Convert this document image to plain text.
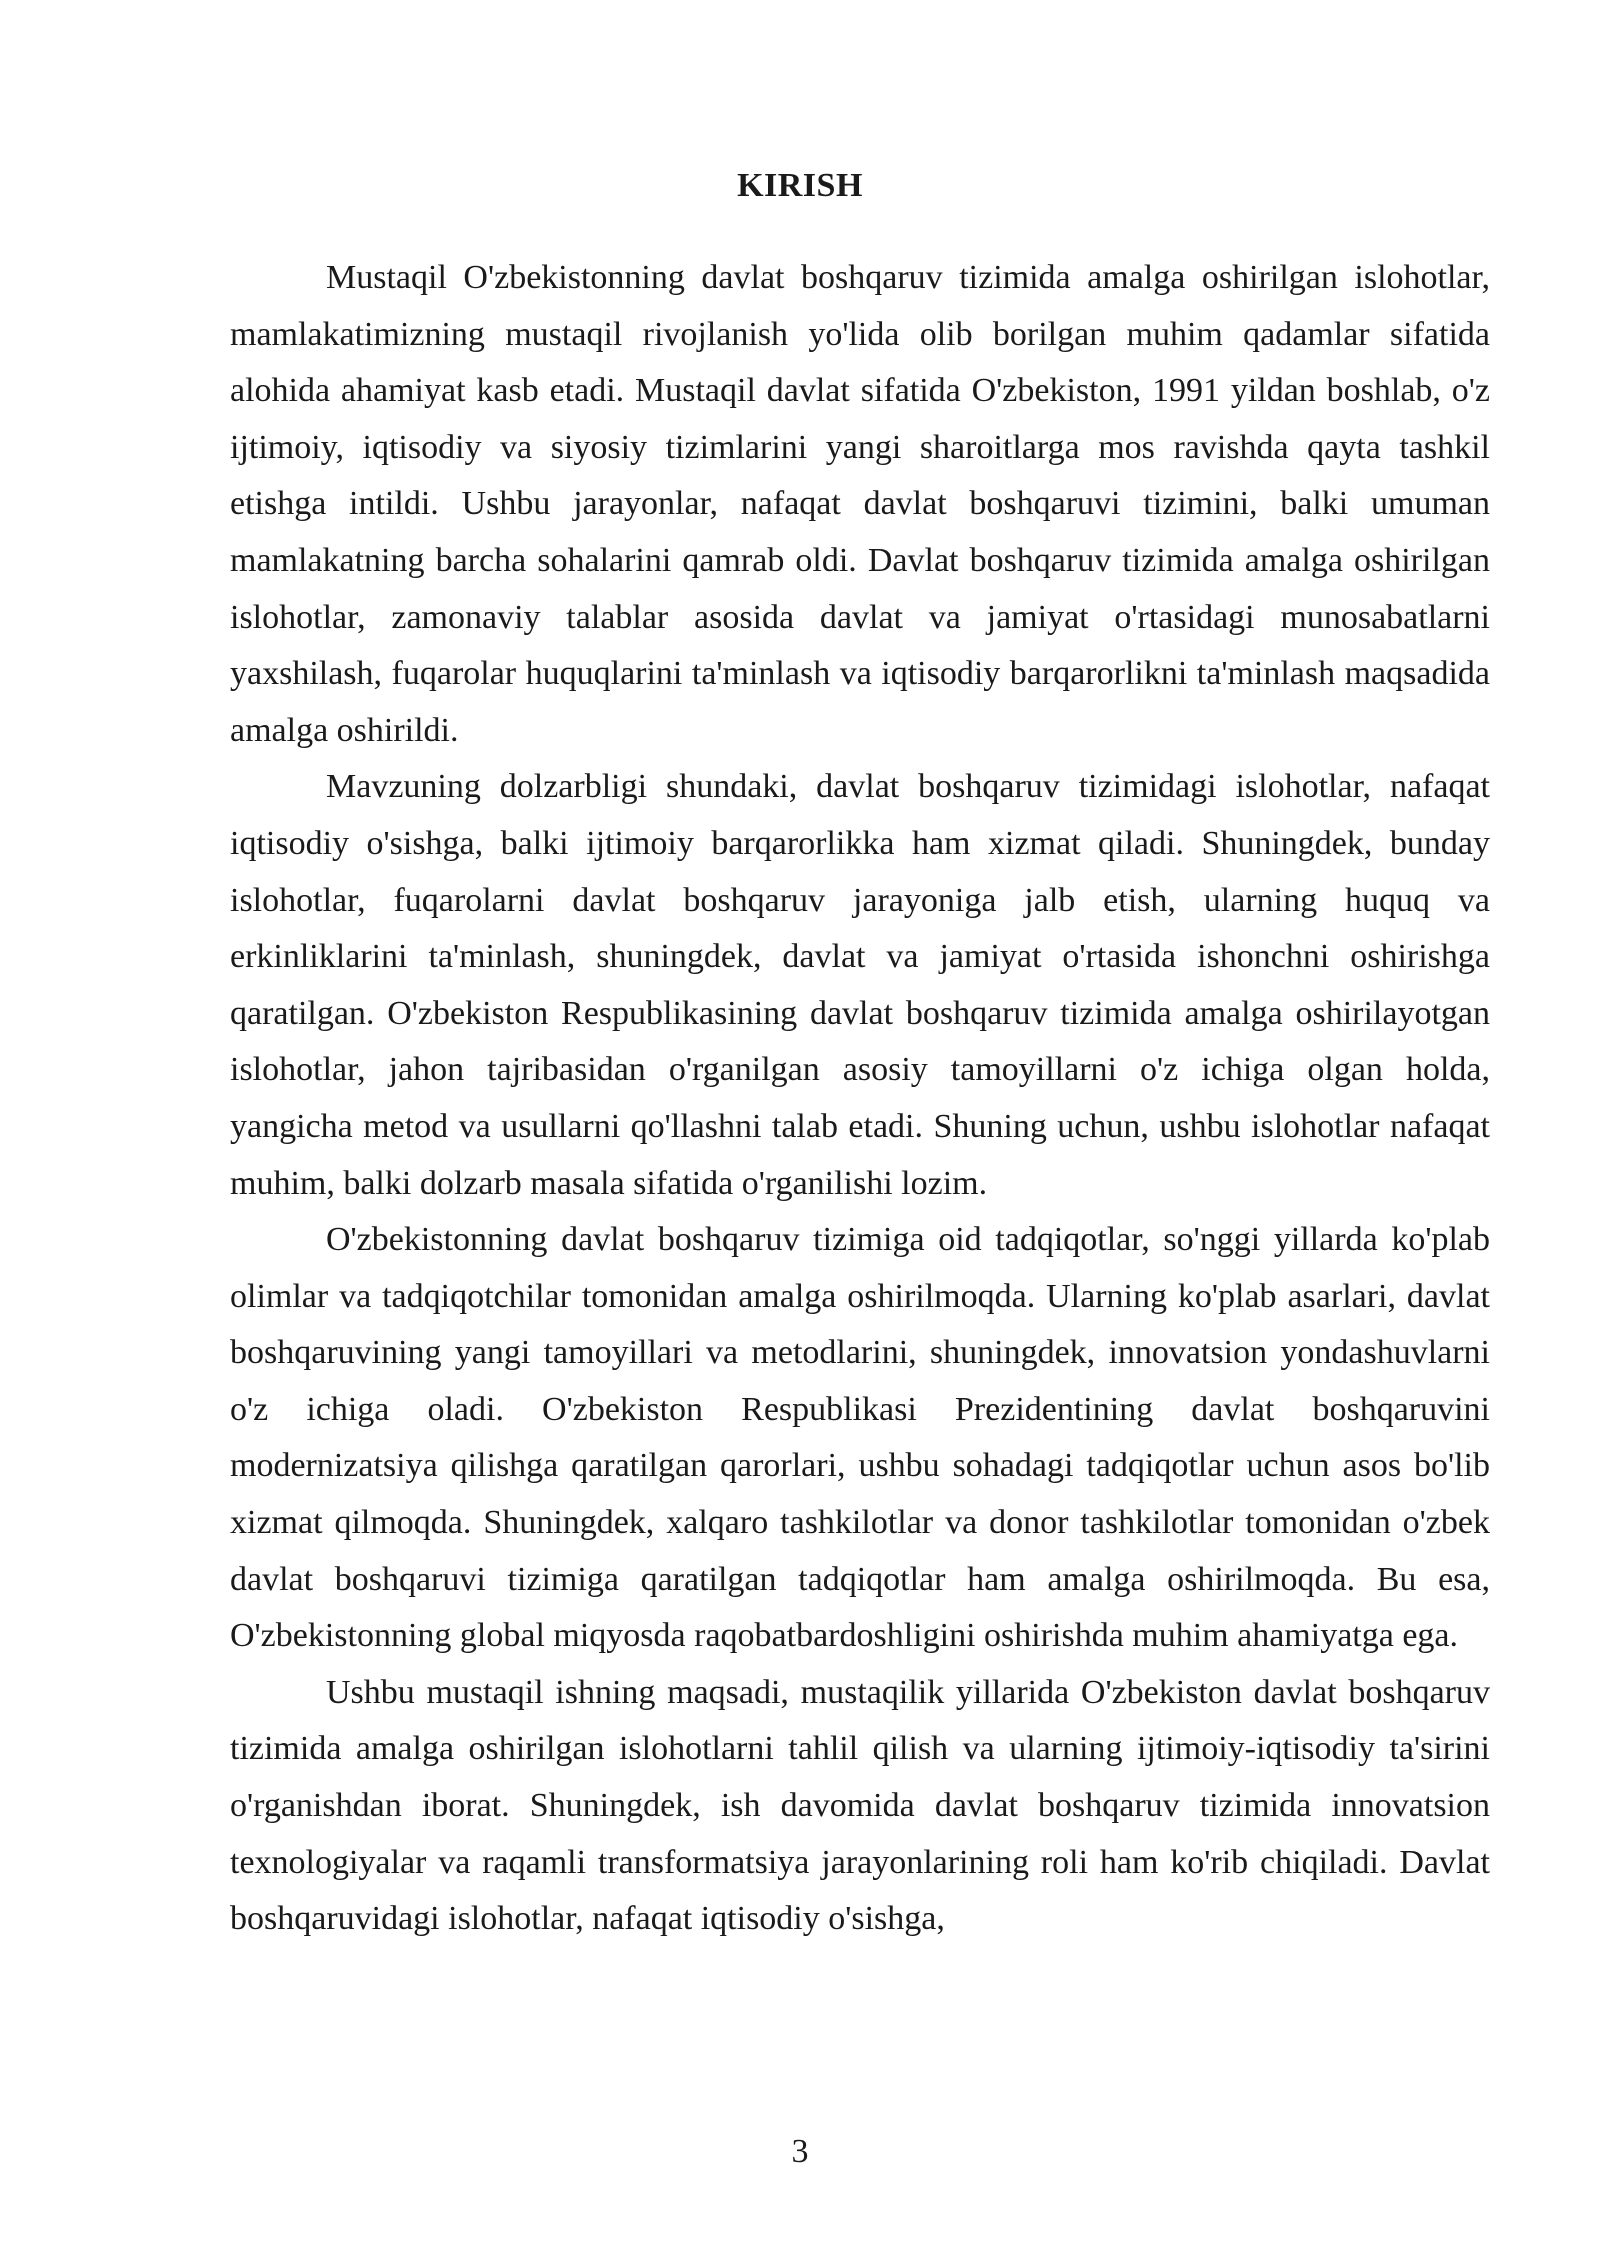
KIRISH

Mustaqil O'zbekistonning davlat boshqaruv tizimida amalga oshirilgan islohotlar, mamlakatimizning mustaqil rivojlanish yo'lida olib borilgan muhim qadamlar sifatida alohida ahamiyat kasb etadi. Mustaqil davlat sifatida O'zbekiston, 1991 yildan boshlab, o'z ijtimoiy, iqtisodiy va siyosiy tizimlarini yangi sharoitlarga mos ravishda qayta tashkil etishga intildi. Ushbu jarayonlar, nafaqat davlat boshqaruvi tizimini, balki umuman mamlakatning barcha sohalarini qamrab oldi. Davlat boshqaruv tizimida amalga oshirilgan islohotlar, zamonaviy talablar asosida davlat va jamiyat o'rtasidagi munosabatlarni yaxshilash, fuqarolar huquqlarini ta'minlash va iqtisodiy barqarorlikni ta'minlash maqsadida amalga oshirildi.

Mavzuning dolzarbligi shundaki, davlat boshqaruv tizimidagi islohotlar, nafaqat iqtisodiy o'sishga, balki ijtimoiy barqarorlikka ham xizmat qiladi. Shuningdek, bunday islohotlar, fuqarolarni davlat boshqaruv jarayoniga jalb etish, ularning huquq va erkinliklarini ta'minlash, shuningdek, davlat va jamiyat o'rtasida ishonchni oshirishga qaratilgan. O'zbekiston Respublikasining davlat boshqaruv tizimida amalga oshirilayotgan islohotlar, jahon tajribasidan o'rganilgan asosiy tamoyillarni o'z ichiga olgan holda, yangicha metod va usullarni qo'llashni talab etadi. Shuning uchun, ushbu islohotlar nafaqat muhim, balki dolzarb masala sifatida o'rganilishi lozim.

O'zbekistonning davlat boshqaruv tizimiga oid tadqiqotlar, so'nggi yillarda ko'plab olimlar va tadqiqotchilar tomonidan amalga oshirilmoqda. Ularning ko'plab asarlari, davlat boshqaruvining yangi tamoyillari va metodlarini, shuningdek, innovatsion yondashuvlarni o'z ichiga oladi. O'zbekiston Respublikasi Prezidentining davlat boshqaruvini modernizatsiya qilishga qaratilgan qarorlari, ushbu sohadagi tadqiqotlar uchun asos bo'lib xizmat qilmoqda. Shuningdek, xalqaro tashkilotlar va donor tashkilotlar tomonidan o'zbek davlat boshqaruvi tizimiga qaratilgan tadqiqotlar ham amalga oshirilmoqda. Bu esa, O'zbekistonning global miqyosda raqobatbardoshligini oshirishda muhim ahamiyatga ega.

Ushbu mustaqil ishning maqsadi, mustaqilik yillarida O'zbekiston davlat boshqaruv tizimida amalga oshirilgan islohotlarni tahlil qilish va ularning ijtimoiy-iqtisodiy ta'sirini o'rganishdan iborat. Shuningdek, ish davomida davlat boshqaruv tizimida innovatsion texnologiyalar va raqamli transformatsiya jarayonlarining roli ham ko'rib chiqiladi. Davlat boshqaruvidagi islohotlar, nafaqat iqtisodiy o'sishga,

3
